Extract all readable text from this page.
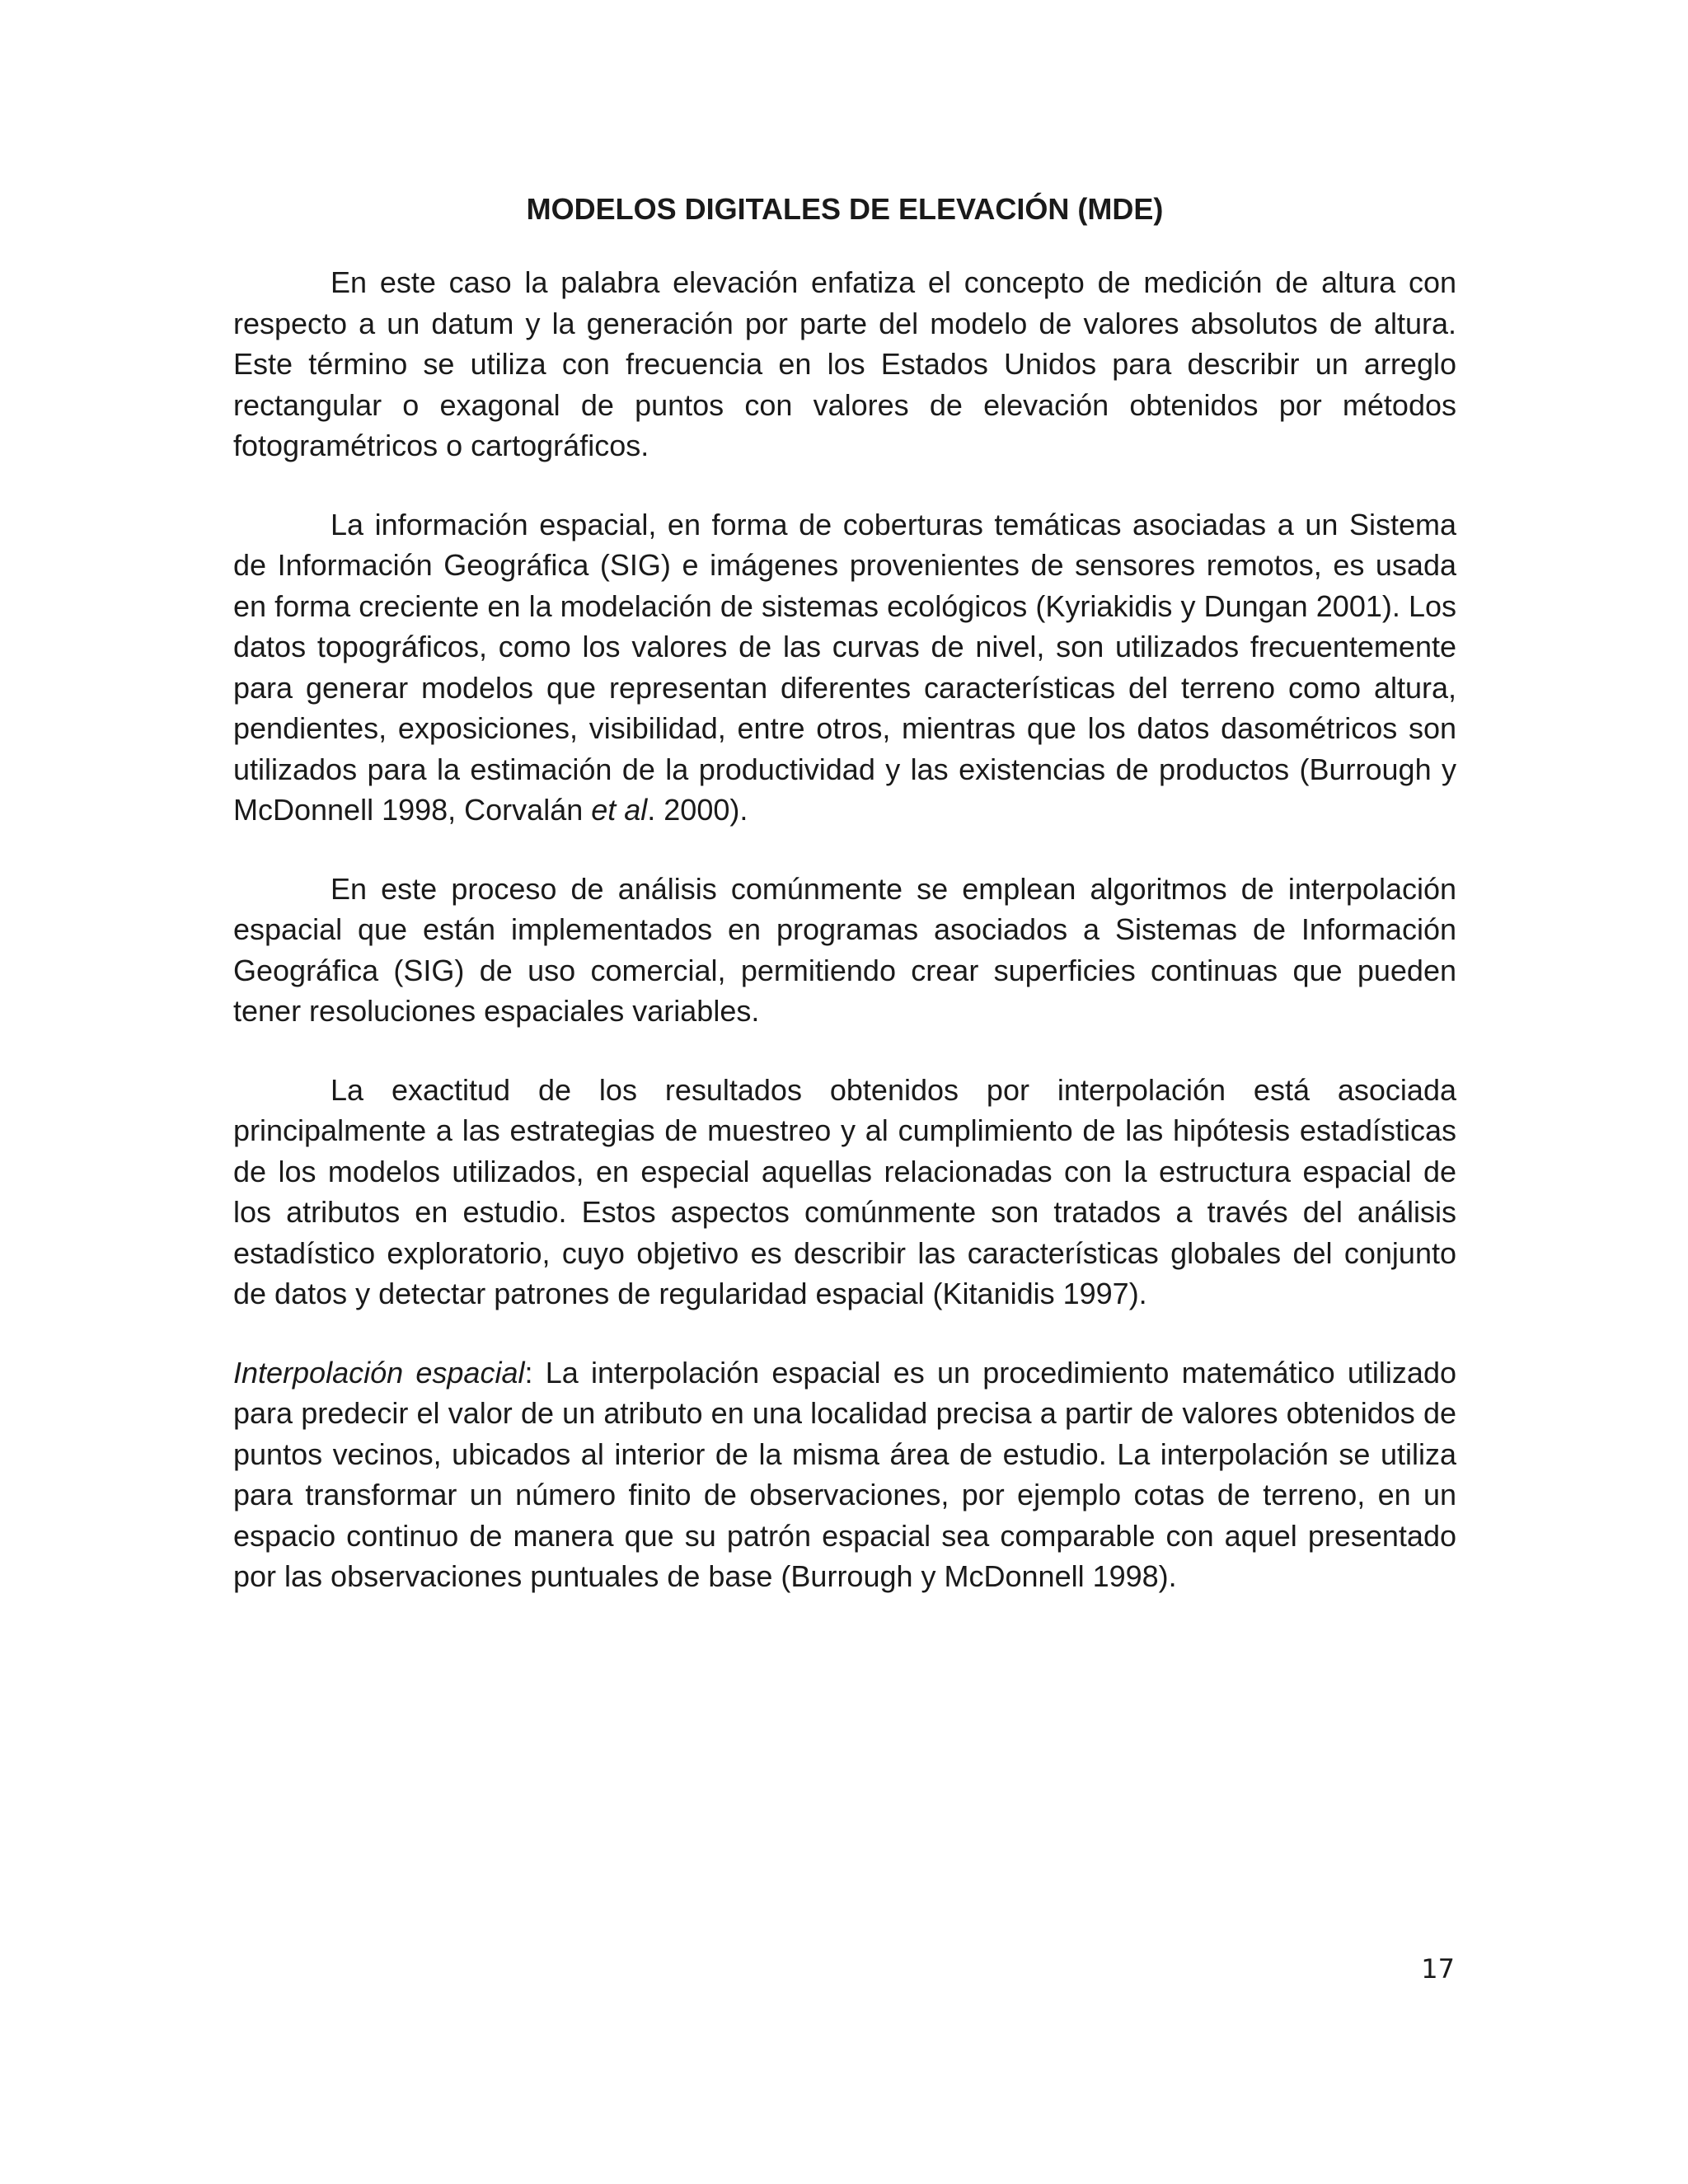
MODELOS DIGITALES DE ELEVACIÓN (MDE)

En este caso la palabra elevación enfatiza el concepto de medición de altura con respecto a un datum y la generación por parte del modelo de valores absolutos de altura. Este término se utiliza con frecuencia en los Estados Unidos para describir un arreglo rectangular o exagonal de puntos con valores de elevación obtenidos por métodos fotogramétricos o cartográficos.

La información espacial, en forma de coberturas temáticas asociadas a un Sistema de Información Geográfica (SIG) e imágenes provenientes de sensores remotos, es usada en forma creciente en la modelación de sistemas ecológicos (Kyriakidis y Dungan 2001). Los datos topográficos, como los valores de las curvas de nivel, son utilizados frecuentemente para generar modelos que representan diferentes características del terreno como altura, pendientes, exposiciones, visibilidad, entre otros, mientras que los datos dasométricos son utilizados para la estimación de la productividad y las existencias de productos (Burrough y McDonnell 1998, Corvalán et al. 2000).

En este proceso de análisis comúnmente se emplean algoritmos de interpolación espacial que están implementados en programas asociados a Sistemas de Información Geográfica (SIG) de uso comercial, permitiendo crear superficies continuas que pueden tener resoluciones espaciales variables.

La exactitud de los resultados obtenidos por interpolación está asociada principalmente a las estrategias de muestreo y al cumplimiento de las hipótesis estadísticas de los modelos utilizados, en especial aquellas relacionadas con la estructura espacial de los atributos en estudio. Estos aspectos comúnmente son tratados a través del análisis estadístico exploratorio, cuyo objetivo es describir las características globales del conjunto de datos y detectar patrones de regularidad espacial (Kitanidis 1997).

Interpolación espacial: La interpolación espacial es un procedimiento matemático utilizado para predecir el valor de un atributo en una localidad precisa a partir de valores obtenidos de puntos vecinos, ubicados al interior de la misma área de estudio. La interpolación se utiliza para transformar un número finito de observaciones, por ejemplo cotas de terreno, en un espacio continuo de manera que su patrón espacial sea comparable con aquel presentado por las observaciones puntuales de base (Burrough y McDonnell 1998).

17
